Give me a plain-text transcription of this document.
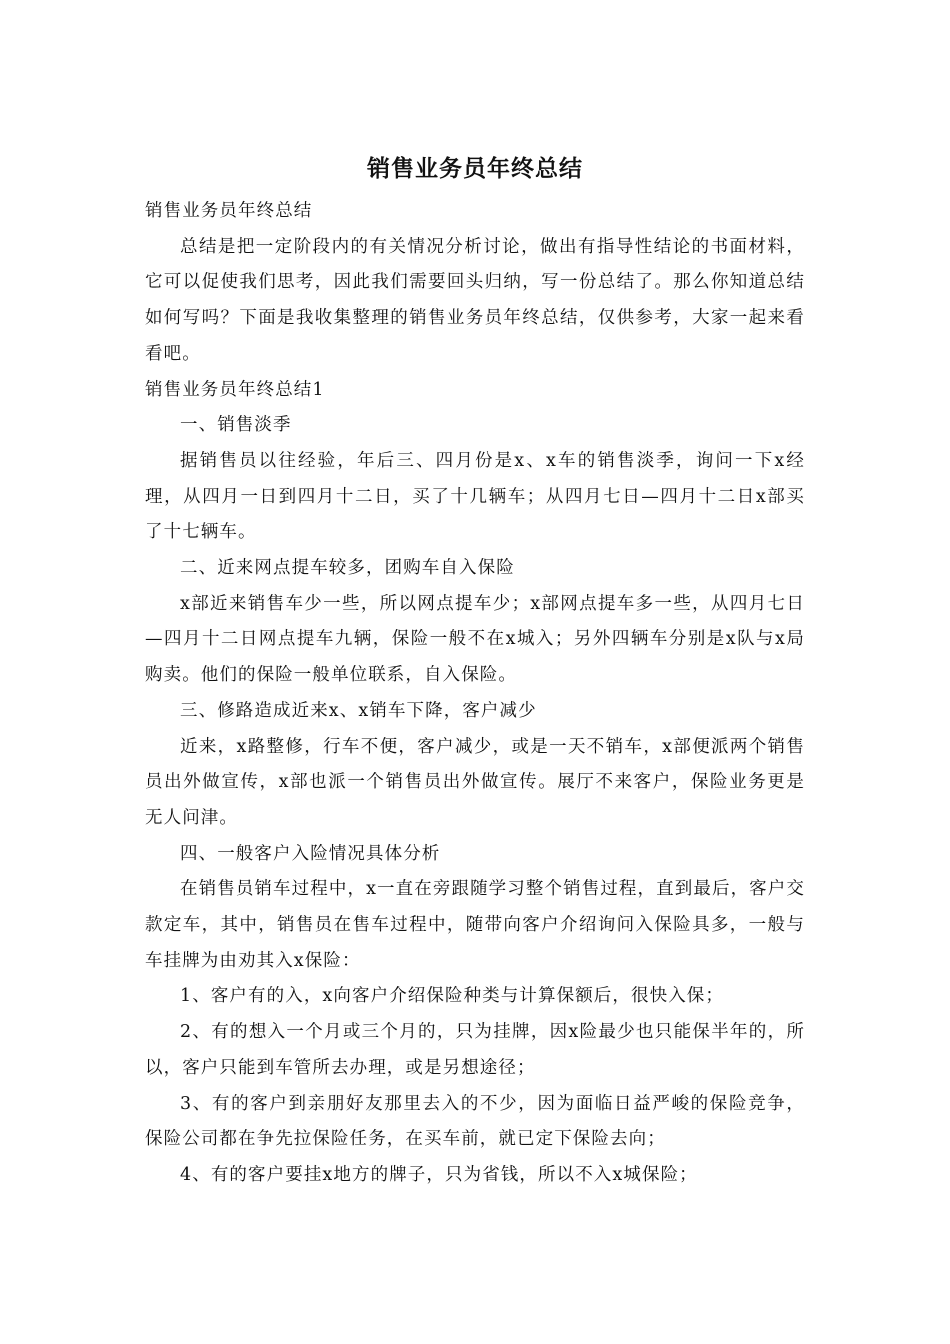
销售业务员年终总结

销售业务员年终总结

总结是把一定阶段内的有关情况分析讨论，做出有指导性结论的书面材料，它可以促使我们思考，因此我们需要回头归纳，写一份总结了。那么你知道总结如何写吗？下面是我收集整理的销售业务员年终总结，仅供参考，大家一起来看看吧。

销售业务员年终总结1

一、销售淡季

据销售员以往经验，年后三、四月份是x、x车的销售淡季，询问一下x经理，从四月一日到四月十二日，买了十几辆车；从四月七日—四月十二日x部买了十七辆车。

二、近来网点提车较多，团购车自入保险

x部近来销售车少一些，所以网点提车少；x部网点提车多一些，从四月七日—四月十二日网点提车九辆，保险一般不在x城入；另外四辆车分别是x队与x局购卖。他们的保险一般单位联系，自入保险。

三、修路造成近来x、x销车下降，客户减少

近来，x路整修，行车不便，客户减少，或是一天不销车，x部便派两个销售员出外做宣传，x部也派一个销售员出外做宣传。展厅不来客户，保险业务更是无人问津。

四、一般客户入险情况具体分析

在销售员销车过程中，x一直在旁跟随学习整个销售过程，直到最后，客户交款定车，其中，销售员在售车过程中，随带向客户介绍询问入保险具多，一般与车挂牌为由劝其入x保险：

1、客户有的入，x向客户介绍保险种类与计算保额后，很快入保；

2、有的想入一个月或三个月的，只为挂牌，因x险最少也只能保半年的，所以，客户只能到车管所去办理，或是另想途径；

3、有的客户到亲朋好友那里去入的不少，因为面临日益严峻的保险竞争，保险公司都在争先拉保险任务，在买车前，就已定下保险去向；

4、有的客户要挂x地方的牌子，只为省钱，所以不入x城保险；
